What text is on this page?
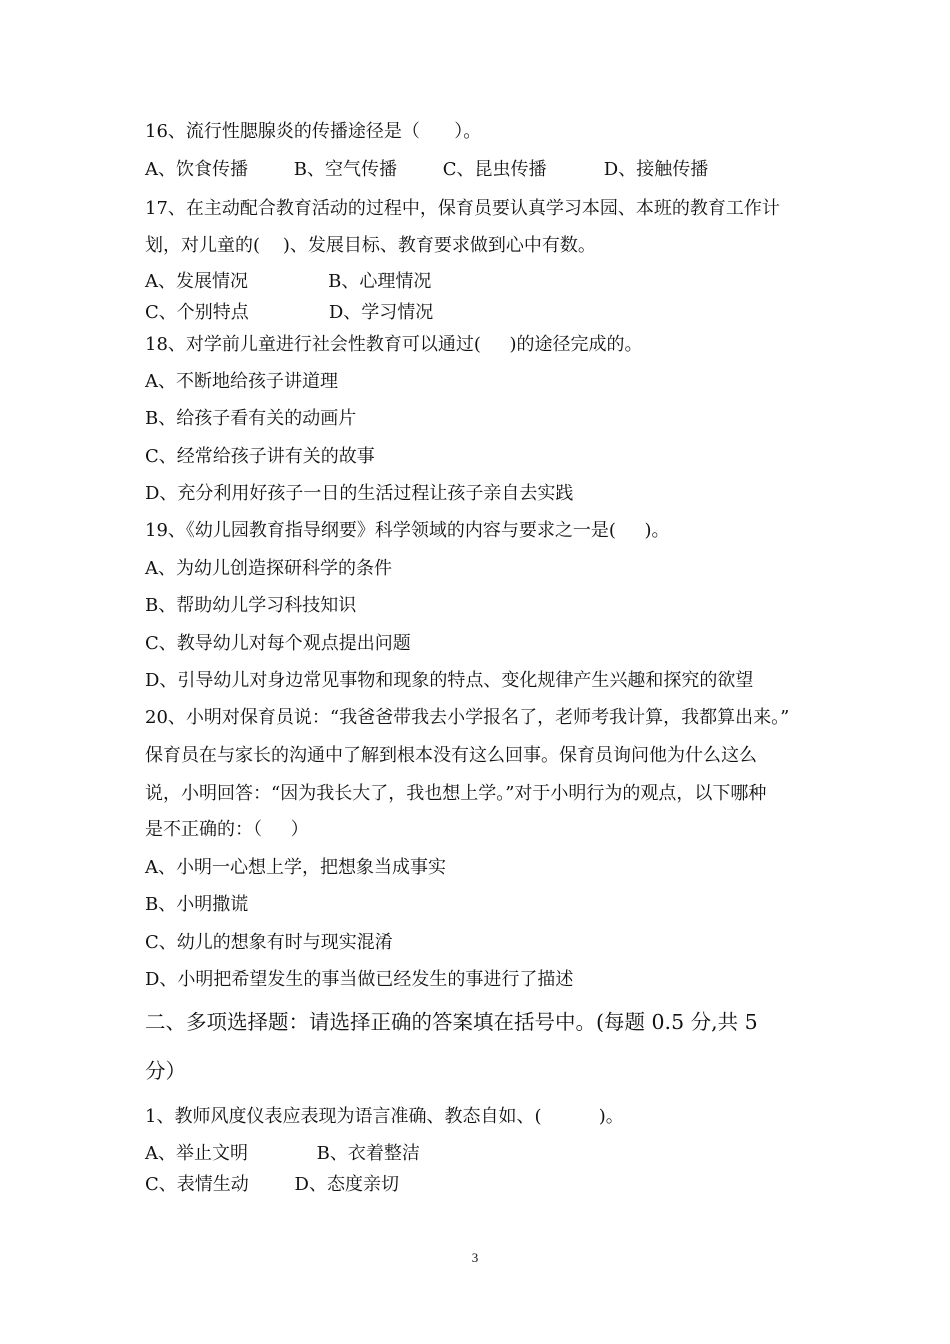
16、流行性腮腺炎的传播途径是（      ）。
A、饮食传播        B、空气传播        C、昆虫传播          D、接触传播
17、在主动配合教育活动的过程中，保育员要认真学习本园、本班的教育工作计
划，对儿童的(    )、发展目标、教育要求做到心中有数。
A、发展情况              B、心理情况
C、个别特点              D、学习情况
18、对学前儿童进行社会性教育可以通过(     )的途径完成的。
A、不断地给孩子讲道理
B、给孩子看有关的动画片
C、经常给孩子讲有关的故事
D、充分利用好孩子一日的生活过程让孩子亲自去实践
19、《幼儿园教育指导纲要》科学领域的内容与要求之一是(     )。
A、为幼儿创造探研科学的条件
B、帮助幼儿学习科技知识
C、教导幼儿对每个观点提出问题
D、引导幼儿对身边常见事物和现象的特点、变化规律产生兴趣和探究的欲望
20、小明对保育员说：“我爸爸带我去小学报名了，老师考我计算，我都算出来。”
保育员在与家长的沟通中了解到根本没有这么回事。保育员询问他为什么这么
说，小明回答：“因为我长大了，我也想上学。”对于小明行为的观点，以下哪种
是不正确的：（     ）
A、小明一心想上学，把想象当成事实
B、小明撒谎
C、幼儿的想象有时与现实混淆
D、小明把希望发生的事当做已经发生的事进行了描述
二、多项选择题：请选择正确的答案填在括号中。(每题 0.5 分,共 5
分）
1、教师风度仪表应表现为语言准确、教态自如、(          )。
A、举止文明            B、衣着整洁
C、表情生动        D、态度亲切
3
